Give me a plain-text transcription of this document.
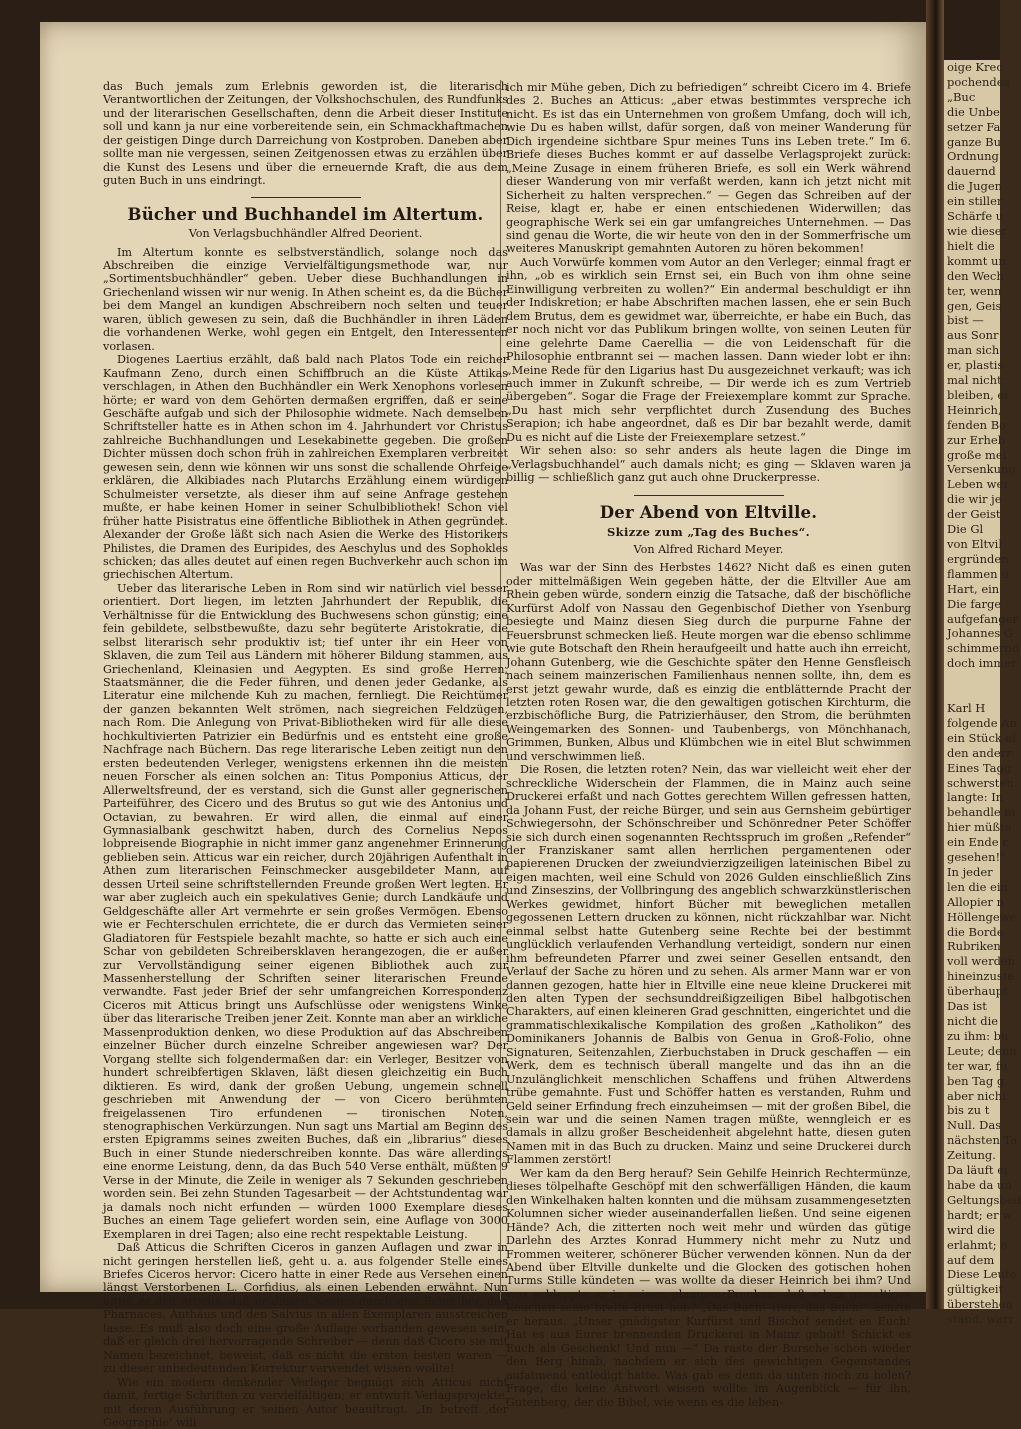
das Buch jemals zum Erlebnis geworden ist, die literarisch Verantwortlichen der Zeitungen, der Volkshochschulen, des Rundfunks und der literarischen Gesellschaften, denn die Arbeit dieser Institute soll und kann ja nur eine vorbereitende sein, ein Schmackhaftmachen der geistigen Dinge durch Darreichung von Kostproben. Daneben aber sollte man nie vergessen, seinen Zeitgenossen etwas zu erzählen über die Kunst des Lesens und über die erneuernde Kraft, die aus dem guten Buch in uns eindringt.

Bücher und Buchhandel im Altertum.
Von Verlagsbuchhändler Alfred Deorient.

Im Altertum konnte es selbstverständlich, solange noch das Abschreiben die einzige Vervielfältigungsmethode war, nur „Sortimentsbuchhändler“ geben. Ueber diese Buchhandlungen in Griechenland wissen wir nur wenig. In Athen scheint es, da die Bücher bei dem Mangel an kundigen Abschreibern noch selten und teuer waren, üblich gewesen zu sein, daß die Buchhändler in ihren Läden die vorhandenen Werke, wohl gegen ein Entgelt, den Interessenten vorlasen.

Diogenes Laertius erzählt, daß bald nach Platos Tode ein reicher Kaufmann Zeno, durch einen Schiffbruch an die Küste Attikas verschlagen, in Athen den Buchhändler ein Werk Xenophons vorlesen hörte; er ward von dem Gehörten dermaßen ergriffen, daß er seine Geschäfte aufgab und sich der Philosophie widmete. Nach demselben Schriftsteller hatte es in Athen schon im 4. Jahrhundert vor Christus zahlreiche Buchhandlungen und Lesekabinette gegeben. Die großen Dichter müssen doch schon früh in zahlreichen Exemplaren verbreitet gewesen sein, denn wie können wir uns sonst die schallende Ohrfeige erklären, die Alkibiades nach Plutarchs Erzählung einem würdigen Schulmeister versetzte, als dieser ihm auf seine Anfrage gestehen mußte, er habe keinen Homer in seiner Schulbibliothek! Schon viel früher hatte Pisistratus eine öffentliche Bibliothek in Athen gegründet. Alexander der Große läßt sich nach Asien die Werke des Historikers Philistes, die Dramen des Euripides, des Aeschylus und des Sophokles schicken; das alles deutet auf einen regen Buchverkehr auch schon im griechischen Altertum.

Ueber das literarische Leben in Rom sind wir natürlich viel besser orientiert. Dort liegen, im letzten Jahrhundert der Republik, die Verhältnisse für die Entwicklung des Buchwesens schon günstig; eine fein gebildete, selbstbewußte, dazu sehr begüterte Aristokratie, die selbst literarisch sehr produktiv ist; tief unter ihr ein Heer von Sklaven, die zum Teil aus Ländern mit höherer Bildung stammen, aus Griechenland, Kleinasien und Aegypten. Es sind große Herren, Staatsmänner, die die Feder führen, und denen jeder Gedanke, als Literatur eine milchende Kuh zu machen, fernliegt. Die Reichtümer der ganzen bekannten Welt strömen, nach siegreichen Feldzügen, nach Rom. Die Anlegung von Privat-Bibliotheken wird für alle diese hochkultivierten Patrizier ein Bedürfnis und es entsteht eine große Nachfrage nach Büchern. Das rege literarische Leben zeitigt nun den ersten bedeutenden Verleger, wenigstens erkennen ihn die meisten neuen Forscher als einen solchen an: Titus Pomponius Atticus, der Allerweltsfreund, der es verstand, sich die Gunst aller gegnerischen Parteiführer, des Cicero und des Brutus so gut wie des Antonius und Octavian, zu bewahren. Er wird allen, die einmal auf einer Gymnasialbank geschwitzt haben, durch des Cornelius Nepos lobpreisende Biographie in nicht immer ganz angenehmer Erinnerung geblieben sein. Atticus war ein reicher, durch 20jährigen Aufenthalt in Athen zum literarischen Feinschmecker ausgebildeter Mann, auf dessen Urteil seine schriftstellernden Freunde großen Wert legten. Er war aber zugleich auch ein spekulatives Genie; durch Landkäufe und Geldgeschäfte aller Art vermehrte er sein großes Vermögen. Ebenso wie er Fechterschulen errichtete, die er durch das Vermieten seiner Gladiatoren für Festspiele bezahlt machte, so hatte er sich auch eine Schar von gebildeten Schreibersklaven herangezogen, die er außer zur Vervollständigung seiner eigenen Bibliothek auch zur Massenherstellung der Schriften seiner literarischen Freunde verwandte. Fast jeder Brief der sehr umfangreichen Korrespondenz Ciceros mit Atticus bringt uns Aufschlüsse oder wenigstens Winke über das literarische Treiben jener Zeit. Konnte man aber an wirkliche Massenproduktion denken, wo diese Produktion auf das Abschreiben einzelner Bücher durch einzelne Schreiber angewiesen war? Der Vorgang stellte sich folgendermaßen dar: ein Verleger, Besitzer von hundert schreibfertigen Sklaven, läßt diesen gleichzeitig ein Buch diktieren. Es wird, dank der großen Uebung, ungemein schnell geschrieben mit Anwendung der — von Cicero berühmten freigelassenen Tiro erfundenen — tironischen Noten, stenographischen Verkürzungen. Nun sagt uns Martial am Beginn des ersten Epigramms seines zweiten Buches, daß ein „librarius“ dieses Buch in einer Stunde niederschreiben konnte. Das wäre allerdings eine enorme Leistung, denn, da das Buch 540 Verse enthält, müßten 9 Verse in der Minute, die Zeile in weniger als 7 Sekunden geschrieben worden sein. Bei zehn Stunden Tagesarbeit — der Achtstundentag war ja damals noch nicht erfunden — würden 1000 Exemplare dieses Buches an einem Tage geliefert worden sein, eine Auflage von 3000 Exemplaren in drei Tagen; also eine recht respektable Leistung.

Daß Atticus die Schriften Ciceros in ganzen Auflagen und zwar in nicht geringen herstellen ließ, geht u. a. aus folgender Stelle eines Briefes Ciceros hervor: Cicero hatte in einer Rede aus Versehen einen längst Verstorbenen L. Corfidius, als einen Lebenden erwähnt. Nun bittet er den Atticus, daß er diesen Namen durch drei Schreiber, den Pharnaces, Anthäus und den Salvius in allen Exemplaren ausstreichen lasse. Es muß also doch eine große Auflage vorhanden gewesen sein, daß er gleich drei hervorragende Schreiber — denn daß Cicero sie mit Namen bezeichnet, beweist, daß es nicht die ersten besten waren — zu dieser unbedeutenden Korrektur verwendet wissen wollte!

Wie ein modern denkender Verleger begnügt sich Atticus nicht damit, fertige Schriften zu vervielfältigen; er entwirft Verlagsprojekte, mit deren Ausführung er seinen Autor beauftragt. „In betreff ‚der Geographie‘ will

ich mir Mühe geben, Dich zu befriedigen“ schreibt Cicero im 4. Briefe des 2. Buches an Atticus: „aber etwas bestimmtes verspreche ich nicht. Es ist das ein Unternehmen von großem Umfang, doch will ich, wie Du es haben willst, dafür sorgen, daß von meiner Wanderung für Dich irgendeine sichtbare Spur meines Tuns ins Leben trete.“ Im 6. Briefe dieses Buches kommt er auf dasselbe Verlagsprojekt zurück: „Meine Zusage in einem früheren Briefe, es soll ein Werk während dieser Wanderung von mir verfaßt werden, kann ich jetzt nicht mit Sicherheit zu halten versprechen.“ — Gegen das Schreiben auf der Reise, klagt er, habe er einen entschiedenen Widerwillen; das geographische Werk sei ein gar umfangreiches Unternehmen. — Das sind genau die Worte, die wir heute von den in der Sommerfrische um weiteres Manuskript gemahnten Autoren zu hören bekommen!

Auch Vorwürfe kommen vom Autor an den Verleger; einmal fragt er ihn, „ob es wirklich sein Ernst sei, ein Buch von ihm ohne seine Einwilligung verbreiten zu wollen?“ Ein andermal beschuldigt er ihn der Indiskretion; er habe Abschriften machen lassen, ehe er sein Buch dem Brutus, dem es gewidmet war, überreichte, er habe ein Buch, das er noch nicht vor das Publikum bringen wollte, von seinen Leuten für eine gelehrte Dame Caerellia — die von Leidenschaft für die Philosophie entbrannt sei — machen lassen. Dann wieder lobt er ihn: „Meine Rede für den Ligarius hast Du ausgezeichnet verkauft; was ich auch immer in Zukunft schreibe, — Dir werde ich es zum Vertrieb übergeben“. Sogar die Frage der Freiexemplare kommt zur Sprache. „Du hast mich sehr verpflichtet durch Zusendung des Buches Serapion; ich habe angeordnet, daß es Dir bar bezahlt werde, damit Du es nicht auf die Liste der Freiexemplare setzest.“

Wir sehen also: so sehr anders als heute lagen die Dinge im „Verlagsbuchhandel“ auch damals nicht; es ging — Sklaven waren ja billig — schließlich ganz gut auch ohne Druckerpresse.

Der Abend von Eltville.
Skizze zum „Tag des Buches“.
Von Alfred Richard Meyer.

Was war der Sinn des Herbstes 1462? Nicht daß es einen guten oder mittelmäßigen Wein gegeben hätte, der die Eltviller Aue am Rhein geben würde, sondern einzig die Tatsache, daß der bischöfliche Kurfürst Adolf von Nassau den Gegenbischof Diether von Ysenburg besiegte und Mainz diesen Sieg durch die purpurne Fahne der Feuersbrunst schmecken ließ. Heute morgen war die ebenso schlimme wie gute Botschaft den Rhein heraufgeeilt und hatte auch ihn erreicht, Johann Gutenberg, wie die Geschichte später den Henne Gensfleisch nach seinem mainzerischen Familienhaus nennen sollte, ihn, dem es erst jetzt gewahr wurde, daß es einzig die entblätternde Pracht der letzten roten Rosen war, die den gewaltigen gotischen Kirchturm, die erzbischöfliche Burg, die Patrizierhäuser, den Strom, die berühmten Weingemarken des Sonnen- und Taubenbergs, von Mönchhanach, Grimmen, Bunken, Albus und Klümbchen wie in eitel Blut schwimmen und verschwimmen ließ.

Die Rosen, die letzten roten? Nein, das war vielleicht weit eher der schreckliche Widerschein der Flammen, die in Mainz auch seine Druckerei erfaßt und nach Gottes gerechtem Willen gefressen hatten, da Johann Fust, der reiche Bürger, und sein aus Gernsheim gebürtiger Schwiegersohn, der Schönschreiber und Schönredner Peter Schöffer sie sich durch einen sogenannten Rechtsspruch im großen „Refender“ der Franziskaner samt allen herrlichen pergamentenen oder papierenen Drucken der zweiundvierzigzeiligen lateinischen Bibel zu eigen machten, weil eine Schuld von 2026 Gulden einschließlich Zins und Zinseszins, der Vollbringung des angeblich schwarzkünstlerischen Werkes gewidmet, hinfort Bücher mit beweglichen metallen gegossenen Lettern drucken zu können, nicht rückzahlbar war. Nicht einmal selbst hatte Gutenberg seine Rechte bei der bestimmt unglücklich verlaufenden Verhandlung verteidigt, sondern nur einen ihm befreundeten Pfarrer und zwei seiner Gesellen entsandt, den Verlauf der Sache zu hören und zu sehen. Als armer Mann war er von dannen gezogen, hatte hier in Eltville eine neue kleine Druckerei mit den alten Typen der sechsunddreißigzeiligen Bibel halbgotischen Charakters, auf einen kleineren Grad geschnitten, eingerichtet und die grammatischlexikalische Kompilation des großen „Katholikon“ des Dominikaners Johannis de Balbis von Genua in Groß-Folio, ohne Signaturen, Seitenzahlen, Zierbuchstaben in Druck geschaffen — ein Werk, dem es technisch überall mangelte und das ihn an die Unzulänglichkeit menschlichen Schaffens und frühen Altwerdens trübe gemahnte. Fust und Schöffer hatten es verstanden, Ruhm und Geld seiner Erfindung frech einzuheimsen — mit der großen Bibel, die sein war und die seinen Namen tragen müßte, wenngleich er es damals in allzu großer Bescheidenheit abgelehnt hatte, diesen guten Namen mit in das Buch zu drucken. Mainz und seine Druckerei durch Flammen zerstört!

Wer kam da den Berg herauf? Sein Gehilfe Heinrich Rechtermünze, dieses tölpelhafte Geschöpf mit den schwerfälligen Händen, die kaum den Winkelhaken halten konnten und die mühsam zusammengesetzten Kolumnen sicher wieder auseinanderfallen ließen. Und seine eigenen Hände? Ach, die zitterten noch weit mehr und würden das gütige Darlehn des Arztes Konrad Hummery nicht mehr zu Nutz und Frommen weiterer, schönerer Bücher verwenden können. Nun da der Abend über Eltville dunkelte und die Glocken des gotischen hohen Turms Stille kündeten — was wollte da dieser Heinrich bei ihm? Und was schleppte er in seinen plumpen Pranken, daß schon gewaltiges Keuchen seine breite Brust hob? „Das Buch! Herr, das Buch!“ ächzte er heraus. „Unser gnädigster Kurfürst und Bischof sendet es Euch! Hat es aus Eurer brennenden Druckerei in Mainz geholt! Schickt es Euch als Geschenk! Und nun —“ Da raste der Bursche schon wieder den Berg hinab, nachdem er sich des gewichtigen Gegenstandes aufatmend entledigt hatte. Was gab es denn da unten noch zu holen? Frage, die keine Antwort wissen wollte im Augenblick — für ihn, Gutenberg, der die Bibel, wie wenn es die leben-

oige Krec
pochendes
„Buc
die Unbe
setzer Fa
ganze Bu
Ordnung
dauernd
die Jugen
ein stiller
Schärfe u
wie dieser
hielt die
kommt un
den Wech
ter, wenn
gen, Geis
bist —
aus Sonr
man sich
er, plastis
mal nicht
bleiben, ei
Heinrich,
fenden Bo
zur Erheb
große mei
Versenkung
Leben wer
die wir je
der Geist
Die Gl
von Eltvil
ergründen
flammen u
Hart, ein
Die farge
aufgefanger
Johannes G
schimmernd
doch immer

Karl H
folgende An
ein Stück el
den anderr
Eines Tagg
schwersten
langte: In
behandle m
hier müßte
ein Ende r
gesehen!“
In jeder
len die ein
Allopier n
Höllengewe
die Borde
Rubriken
voll werden
hineinzuste
überhaupt
Das ist
nicht die
zu ihm: bu
Leute; denn
ter war, fu
ben Tag g
aber nicht
bis zu t
Null. Das
nächsten Ta
Zeitung.
Da läuft ei
habe da un
Geltungsbed
hardt; er w
wird die
erlahmt; o
auf dem
Diese Leute
gültigkeit
überstehen
stand, warr
